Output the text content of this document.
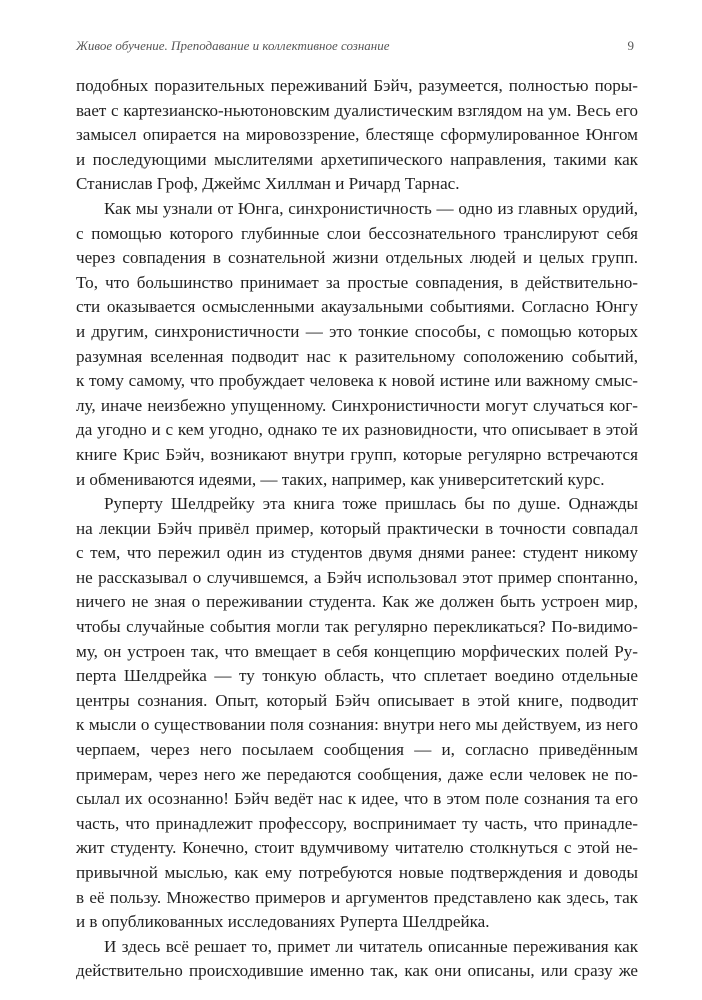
Живое обучение. Преподавание и коллективное сознание	9
подобных поразительных переживаний Бэйч, разумеется, полностью поры-
вает с картезианско-ньютоновским дуалистическим взглядом на ум. Весь его
замысел опирается на мировоззрение, блестяще сформулированное Юнгом
и последующими мыслителями архетипического направления, такими как
Станислав Гроф, Джеймс Хиллман и Ричард Тарнас.
Как мы узнали от Юнга, синхронистичность — одно из главных орудий,
с помощью которого глубинные слои бессознательного транслируют себя
через совпадения в сознательной жизни отдельных людей и целых групп.
То, что большинство принимает за простые совпадения, в действительно-
сти оказывается осмысленными акаузальными событиями. Согласно Юнгу
и другим, синхронистичности — это тонкие способы, с помощью которых
разумная вселенная подводит нас к разительному соположению событий,
к тому самому, что пробуждает человека к новой истине или важному смыс-
лу, иначе неизбежно упущенному. Синхронистичности могут случаться ког-
да угодно и с кем угодно, однако те их разновидности, что описывает в этой
книге Крис Бэйч, возникают внутри групп, которые регулярно встречаются
и обмениваются идеями, — таких, например, как университетский курс.
Руперту Шелдрейку эта книга тоже пришлась бы по душе. Однажды
на лекции Бэйч привёл пример, который практически в точности совпадал
с тем, что пережил один из студентов двумя днями ранее: студент никому
не рассказывал о случившемся, а Бэйч использовал этот пример спонтанно,
ничего не зная о переживании студента. Как же должен быть устроен мир,
чтобы случайные события могли так регулярно перекликаться? По-видимо-
му, он устроен так, что вмещает в себя концепцию морфических полей Ру-
перта Шелдрейка — ту тонкую область, что сплетает воедино отдельные
центры сознания. Опыт, который Бэйч описывает в этой книге, подводит
к мысли о существовании поля сознания: внутри него мы действуем, из него
черпаем, через него посылаем сообщения — и, согласно приведённым
примерам, через него же передаются сообщения, даже если человек не по-
сылал их осознанно! Бэйч ведёт нас к идее, что в этом поле сознания та его
часть, что принадлежит профессору, воспринимает ту часть, что принадле-
жит студенту. Конечно, стоит вдумчивому читателю столкнуться с этой не-
привычной мыслью, как ему потребуются новые подтверждения и доводы
в её пользу. Множество примеров и аргументов представлено как здесь, так
и в опубликованных исследованиях Руперта Шелдрейка.
И здесь всё решает то, примет ли читатель описанные переживания как
действительно происходившие именно так, как они описаны, или сразу же
